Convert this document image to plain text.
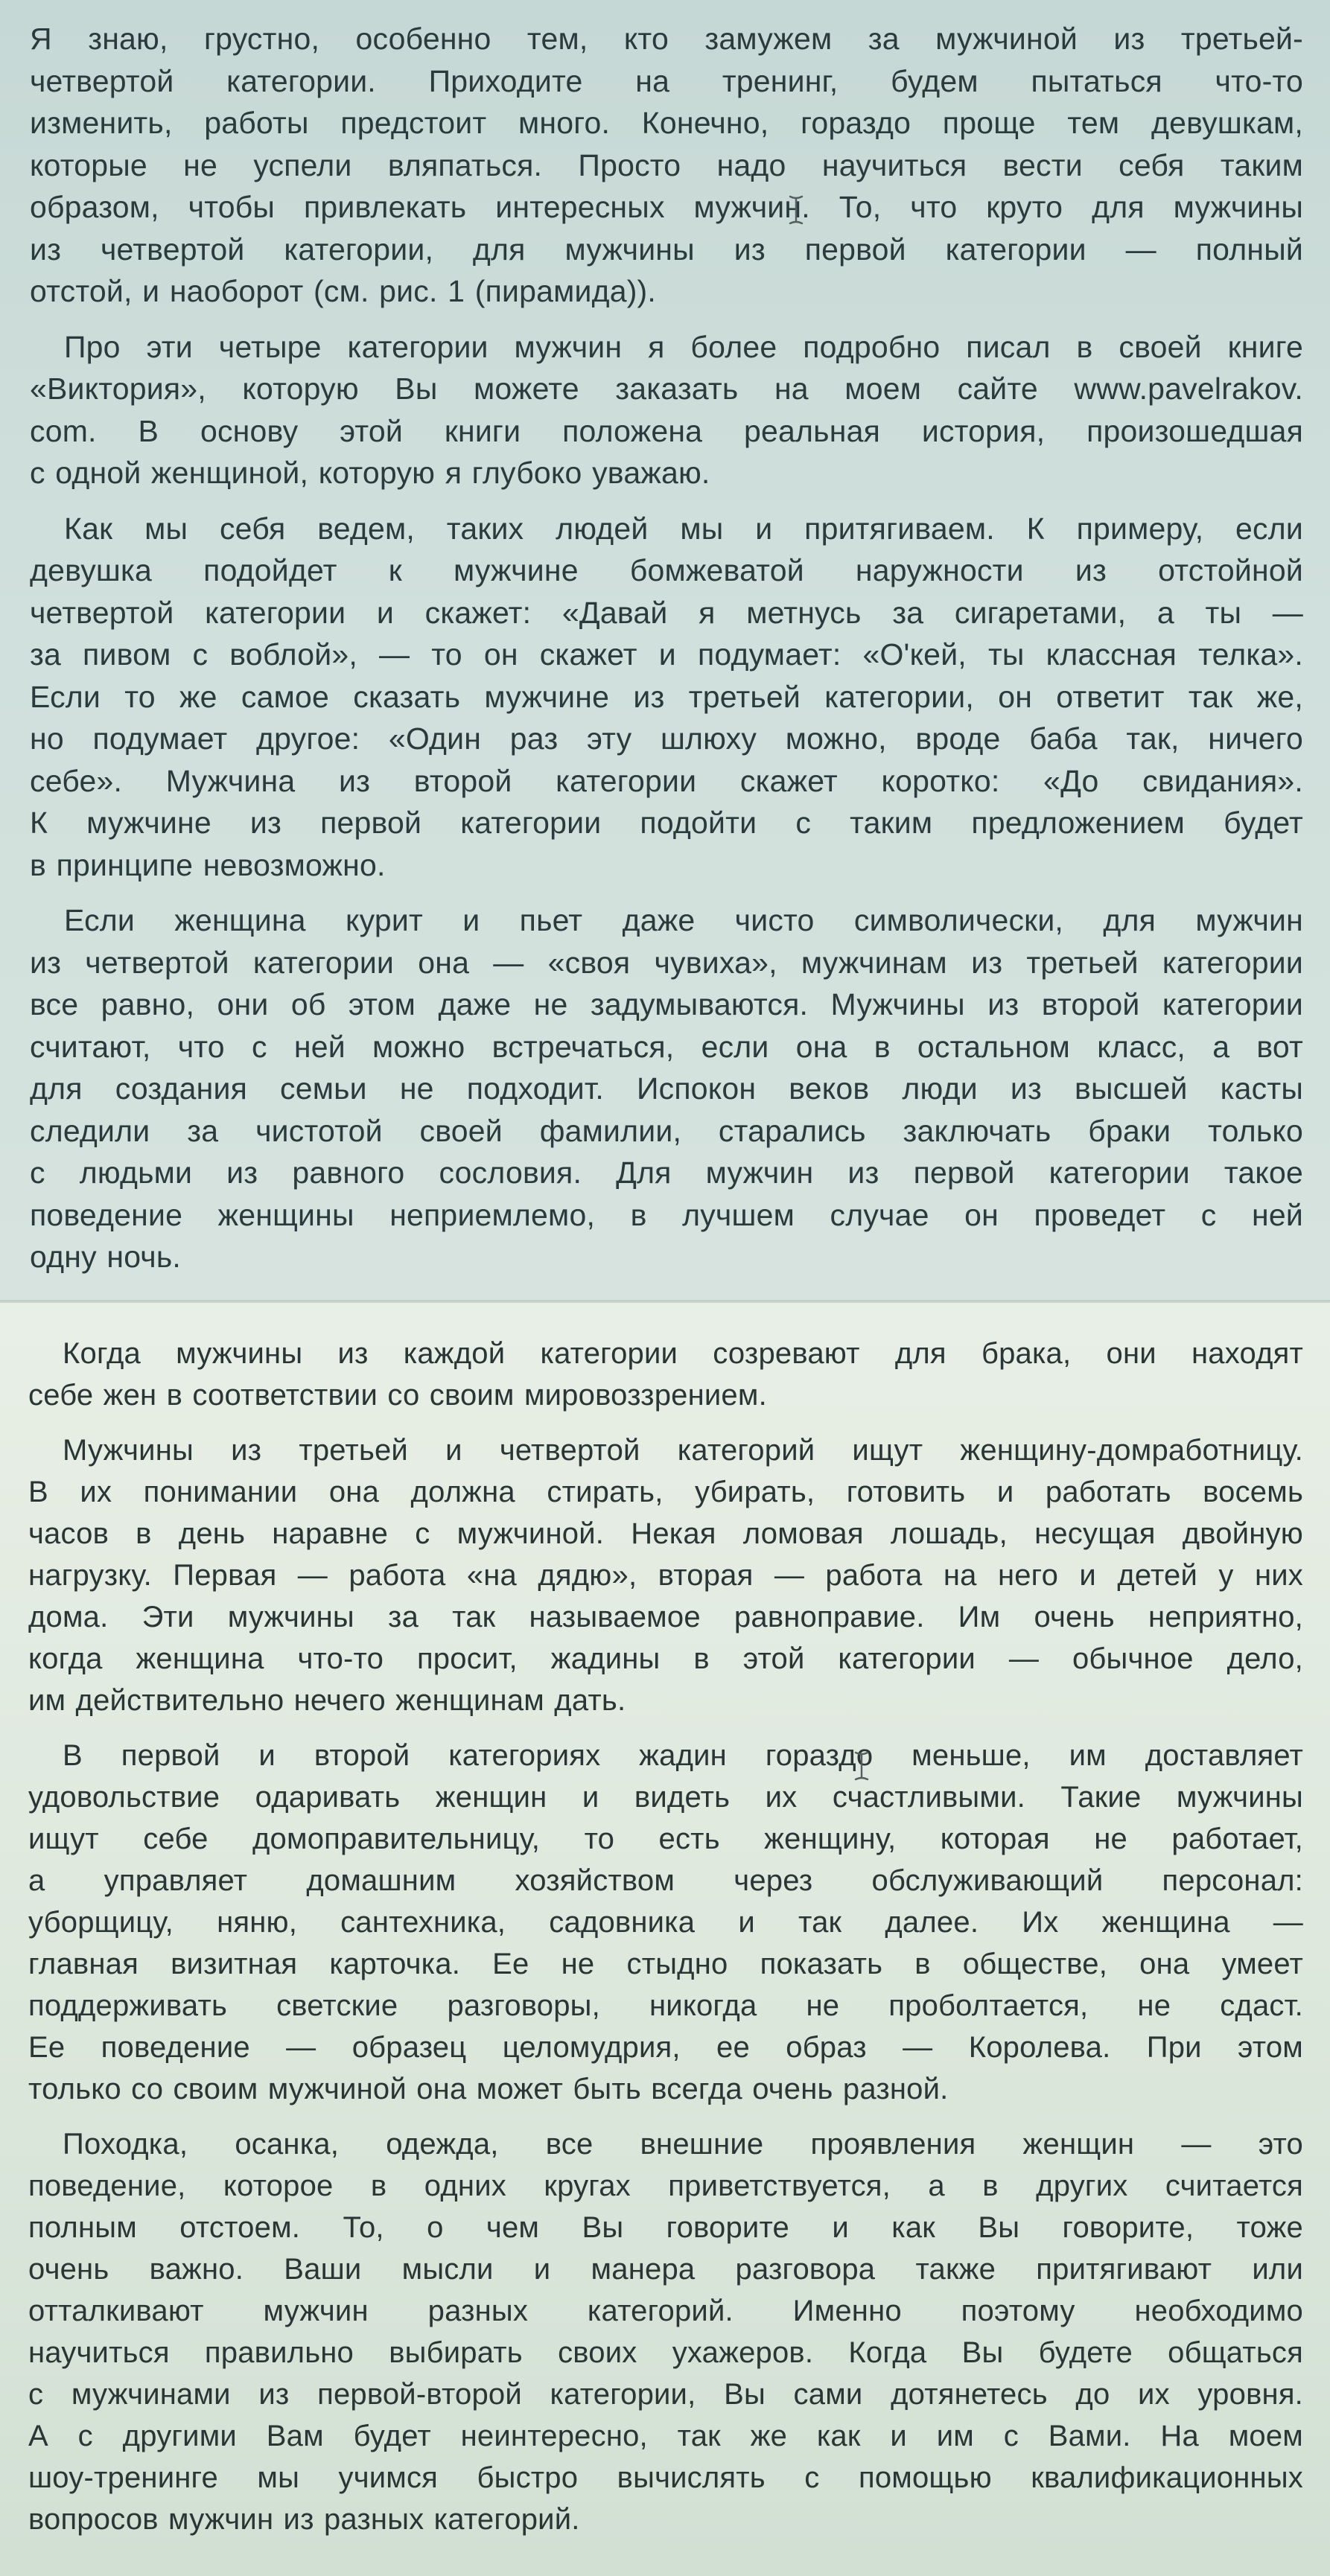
Я знаю, грустно, особенно тем, кто замужем за мужчиной из третьей-
четвертой категории. Приходите на тренинг, будем пытаться что-то
изменить, работы предстоит много. Конечно, гораздо проще тем девушкам,
которые не успели вляпаться. Просто надо научиться вести себя таким
образом, чтобы привлекать интересных мужчин. То, что круто для мужчины
из четвертой категории, для мужчины из первой категории — полный
отстой, и наоборот (см. рис. 1 (пирамида)).

Про эти четыре категории мужчин я более подробно писал в своей книге
«Виктория», которую Вы можете заказать на моем сайте www.pavelrakov.
com. В основу этой книги положена реальная история, произошедшая
с одной женщиной, которую я глубоко уважаю.

Как мы себя ведем, таких людей мы и притягиваем. К примеру, если
девушка подойдет к мужчине бомжеватой наружности из отстойной
четвертой категории и скажет: «Давай я метнусь за сигаретами, а ты —
за пивом с воблой», — то он скажет и подумает: «О'кей, ты классная телка».
Если то же самое сказать мужчине из третьей категории, он ответит так же,
но подумает другое: «Один раз эту шлюху можно, вроде баба так, ничего
себе». Мужчина из второй категории скажет коротко: «До свидания».
К мужчине из первой категории подойти с таким предложением будет
в принципе невозможно.

Если женщина курит и пьет даже чисто символически, для мужчин
из четвертой категории она — «своя чувиха», мужчинам из третьей категории
все равно, они об этом даже не задумываются. Мужчины из второй категории
считают, что с ней можно встречаться, если она в остальном класс, а вот
для создания семьи не подходит. Испокон веков люди из высшей касты
следили за чистотой своей фамилии, старались заключать браки только
с людьми из равного сословия. Для мужчин из первой категории такое
поведение женщины неприемлемо, в лучшем случае он проведет с ней
одну ночь.

Когда мужчины из каждой категории созревают для брака, они находят
себе жен в соответствии со своим мировоззрением.

Мужчины из третьей и четвертой категорий ищут женщину-домработницу.
В их понимании она должна стирать, убирать, готовить и работать восемь
часов в день наравне с мужчиной. Некая ломовая лошадь, несущая двойную
нагрузку. Первая — работа «на дядю», вторая — работа на него и детей у них
дома. Эти мужчины за так называемое равноправие. Им очень неприятно,
когда женщина что-то просит, жадины в этой категории — обычное дело,
им действительно нечего женщинам дать.

В первой и второй категориях жадин гораздо меньше, им доставляет
удовольствие одаривать женщин и видеть их счастливыми. Такие мужчины
ищут себе домоправительницу, то есть женщину, которая не работает,
а управляет домашним хозяйством через обслуживающий персонал:
уборщицу, няню, сантехника, садовника и так далее. Их женщина —
главная визитная карточка. Ее не стыдно показать в обществе, она умеет
поддерживать светские разговоры, никогда не проболтается, не сдаст.
Ее поведение — образец целомудрия, ее образ — Королева. При этом
только со своим мужчиной она может быть всегда очень разной.

Походка, осанка, одежда, все внешние проявления женщин — это
поведение, которое в одних кругах приветствуется, а в других считается
полным отстоем. То, о чем Вы говорите и как Вы говорите, тоже
очень важно. Ваши мысли и манера разговора также притягивают или
отталкивают мужчин разных категорий. Именно поэтому необходимо
научиться правильно выбирать своих ухажеров. Когда Вы будете общаться
с мужчинами из первой-второй категории, Вы сами дотянетесь до их уровня.
А с другими Вам будет неинтересно, так же как и им с Вами. На моем
шоу-тренинге мы учимся быстро вычислять с помощью квалификационных
вопросов мужчин из разных категорий.
